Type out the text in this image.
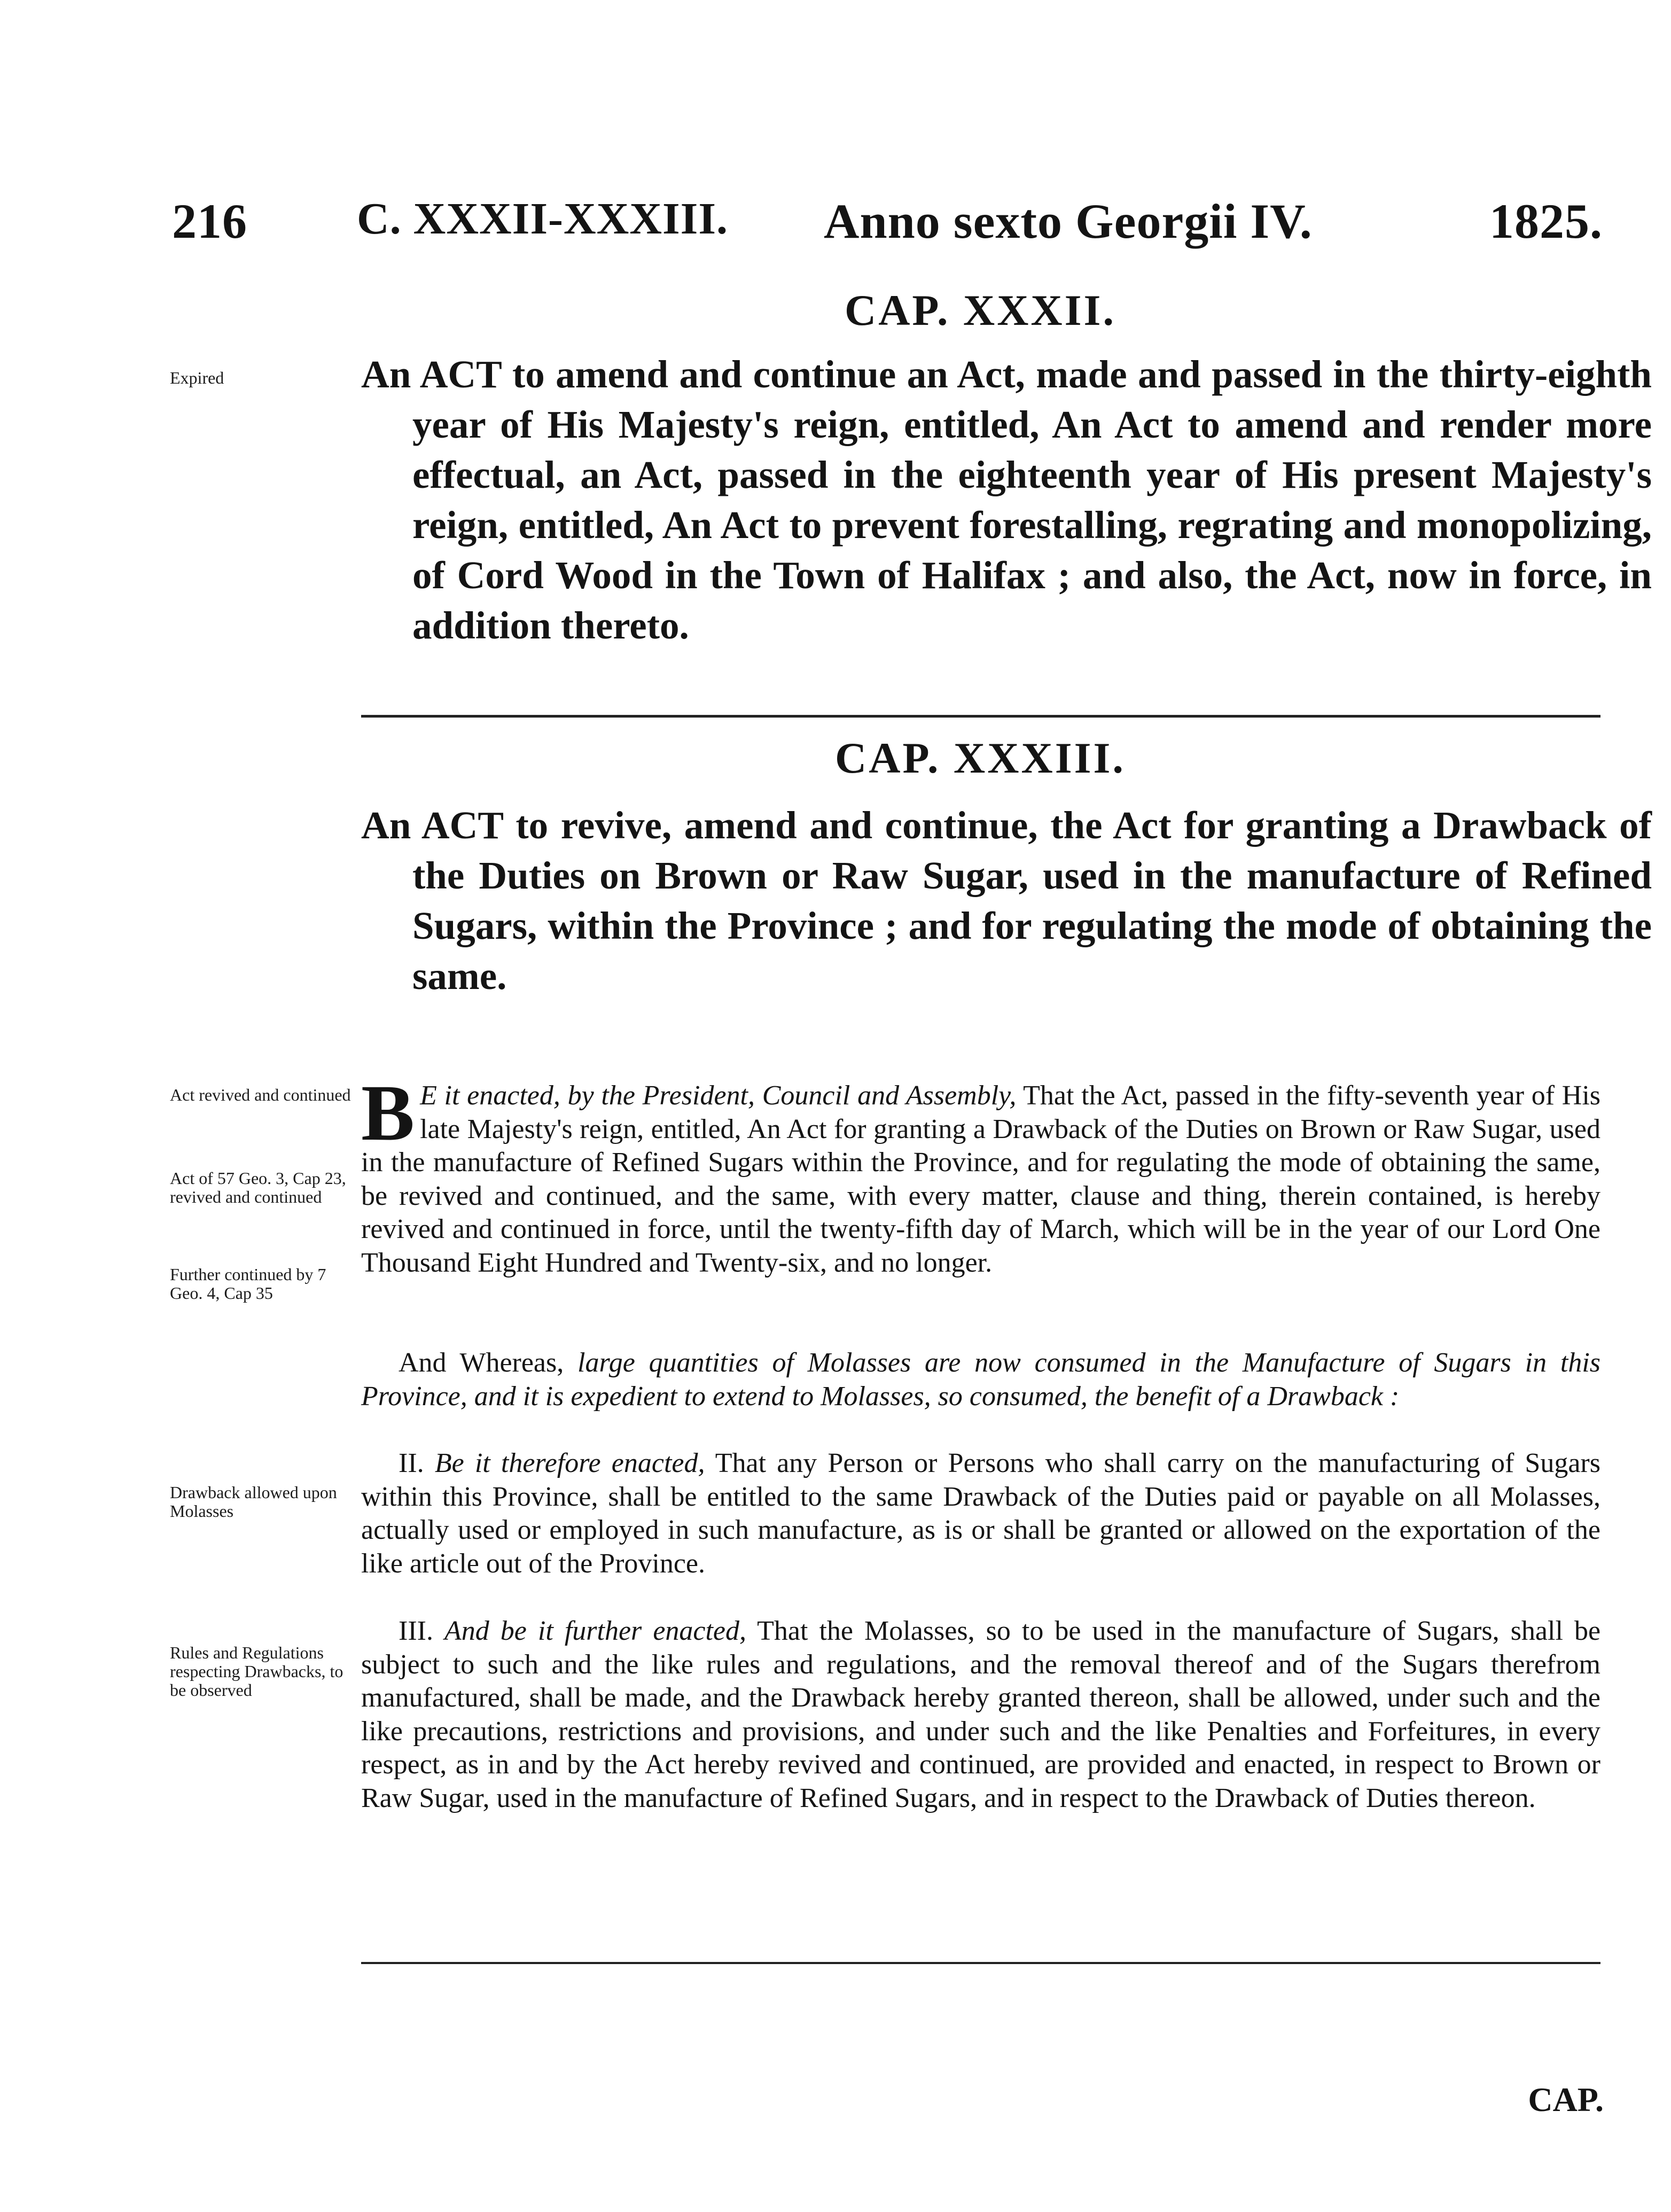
216 C. XXXII-XXXIII. Anno sexto Georgii IV.	1825.
CAP. XXXII.
Expired	An ACT to amend and continue an Act, made and passed in the thirty-eighth year of His Majesty's reign, entitled, An Act to amend and render more effectual, an Act, passed in the eighteenth year of His present Majesty's reign, entitled, An Act to prevent forestalling, regrating and monopolizing, of Cord Wood in the Town of Halifax ; and also, the Act, now in force, in addition thereto.
CAP. XXXIII.
An ACT to revive, amend and continue, the Act for granting a Drawback of the Duties on Brown or Raw Sugar, used in the manufacture of Refined Sugars, within the Province ; and for regulating the mode of obtaining the same.
Act revived and continued
Act of 57 Geo. 3, Cap 23, revived and continued
Further continued by 7 Geo. 4, Cap 35
Drawback allowed upon Molasses
Rules and Regulations respecting Drawbacks, to be observed

B E it enacted, by the President, Council and Assembly, That the Act, passed in the fifty-seventh year of His late Majesty's reign, entitled, An Act for granting a Drawback of the Duties on Brown or Raw Sugar, used in the manufacture of Refined Sugars within the Province, and for regulating the mode of obtaining the same, be revived and continued, and the same, with every matter, clause and thing, therein contained, is hereby revived and continued in force, until the twenty-fifth day of March, which will be in the year of our Lord One Thousand Eight Hundred and Twenty-six, and no longer.

And Whereas, large quantities of Molasses are now consumed in the Manufacture of Sugars in this Province, and it is expedient to extend to Molasses, so consumed, the benefit of a Drawback :

II. Be it therefore enacted, That any Person or Persons who shall carry on the manufacturing of Sugars within this Province, shall be entitled to the same Drawback of the Duties paid or payable on all Molasses, actually used or employed in such manufacture, as is or shall be granted or allowed on the exportation of the like article out of the Province.

III. And be it further enacted, That the Molasses, so to be used in the manufacture of Sugars, shall be subject to such and the like rules and regulations, and the removal thereof and of the Sugars therefrom manufactured, shall be made, and the Drawback hereby granted thereon, shall be allowed, under such and the like precautions, restrictions and provisions, and under such and the like Penalties and Forfeitures, in every respect, as in and by the Act hereby revived and continued, are provided and enacted, in respect to Brown or Raw Sugar, used in the manufacture of Refined Sugars, and in respect to the Drawback of Duties thereon.

CAP.
